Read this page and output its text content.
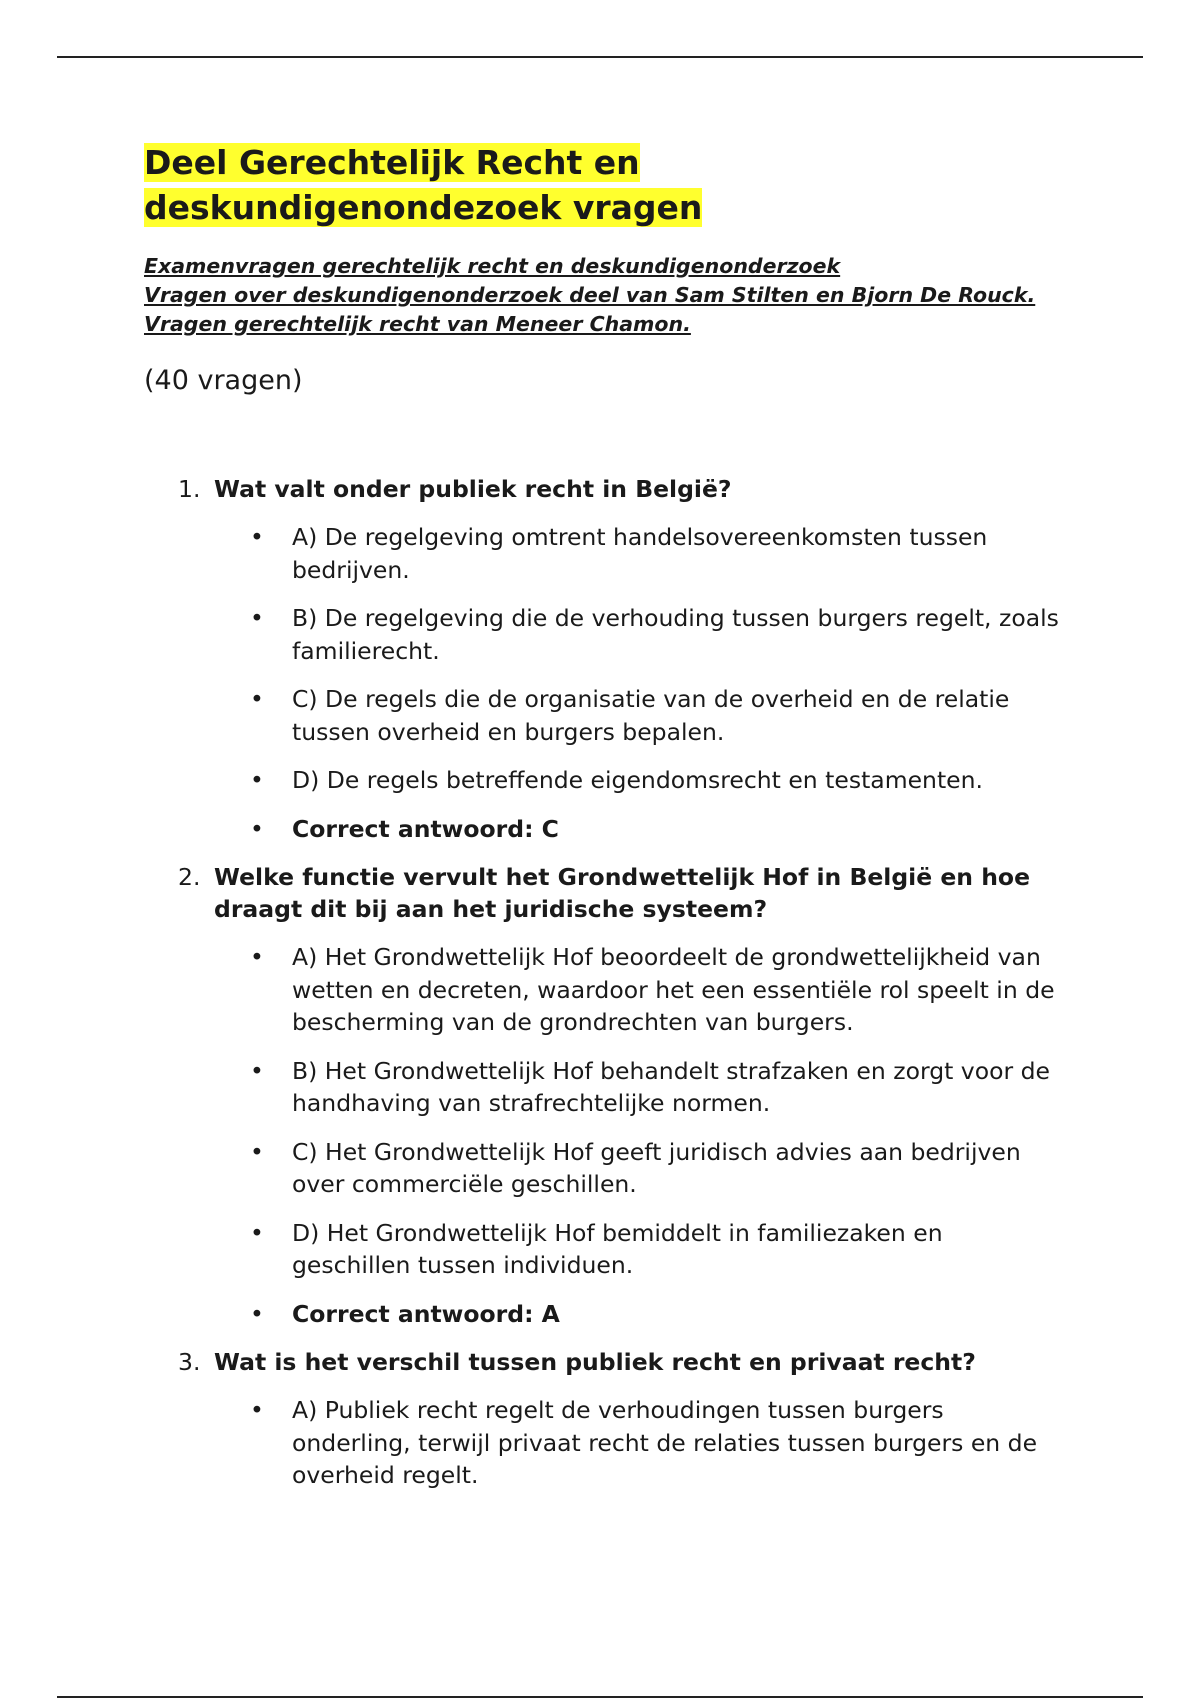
Deel Gerechtelijk Recht en deskundigenondezoek vragen

Examenvragen gerechtelijk recht en deskundigenonderzoek

Vragen over deskundigenonderzoek deel van Sam Stilten en Bjorn De Rouck.

Vragen gerechtelijk recht van Meneer Chamon.

(40 vragen)
1. Wat valt onder publiek recht in België?
•	A) De regelgeving omtrent handelsovereenkomsten tussen bedrijven.
•	B) De regelgeving die de verhouding tussen burgers regelt, zoals familierecht.
•	C) De regels die de organisatie van de overheid en de relatie tussen overheid en burgers bepalen.
•	D) De regels betreffende eigendomsrecht en testamenten.
•	Correct antwoord: C
2. Welke functie vervult het Grondwettelijk Hof in België en hoe draagt dit bij aan het juridische systeem?
•	A) Het Grondwettelijk Hof beoordeelt de grondwettelijkheid van wetten en decreten, waardoor het een essentiële rol speelt in de bescherming van de grondrechten van burgers.
•	B) Het Grondwettelijk Hof behandelt strafzaken en zorgt voor de handhaving van strafrechtelijke normen.
•	C) Het Grondwettelijk Hof geeft juridisch advies aan bedrijven over commerciële geschillen.
•	D) Het Grondwettelijk Hof bemiddelt in familiezaken en geschillen tussen individuen.
•	Correct antwoord: A
3. Wat is het verschil tussen publiek recht en privaat recht?
•	A) Publiek recht regelt de verhoudingen tussen burgers onderling, terwijl privaat recht de relaties tussen burgers en de overheid regelt.
